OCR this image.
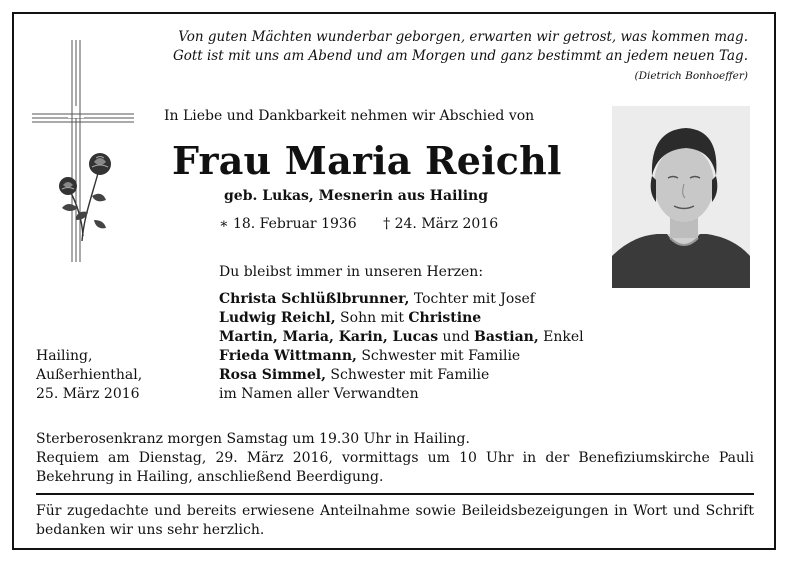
Von guten Mächten wunderbar geborgen, erwarten wir getrost, was kommen mag.
Gott ist mit uns am Abend und am Morgen und ganz bestimmt an jedem neuen Tag.
(Dietrich Bonhoeffer)
In Liebe und Dankbarkeit nehmen wir Abschied von
Frau Maria Reichl
geb. Lukas, Mesnerin aus Hailing
∗ 18. Februar 1936 † 24. März 2016
Du bleibst immer in unseren Herzen:
Christa Schlüßlbrunner, Tochter mit Josef
Ludwig Reichl, Sohn mit Christine
Martin, Maria, Karin, Lucas und Bastian, Enkel
Frieda Wittmann, Schwester mit Familie
Rosa Simmel, Schwester mit Familie
im Namen aller Verwandten
Hailing,
Außerhienthal,
25. März 2016
Sterberosenkranz morgen Samstag um 19.30 Uhr in Hailing.
Requiem am Dienstag, 29. März 2016, vormittags um 10 Uhr in der Benefiziumskirche Pauli Bekehrung in Hailing, anschließend Beerdigung.
Für zugedachte und bereits erwiesene Anteilnahme sowie Beileidsbezeigungen in Wort und Schrift bedanken wir uns sehr herzlich.
